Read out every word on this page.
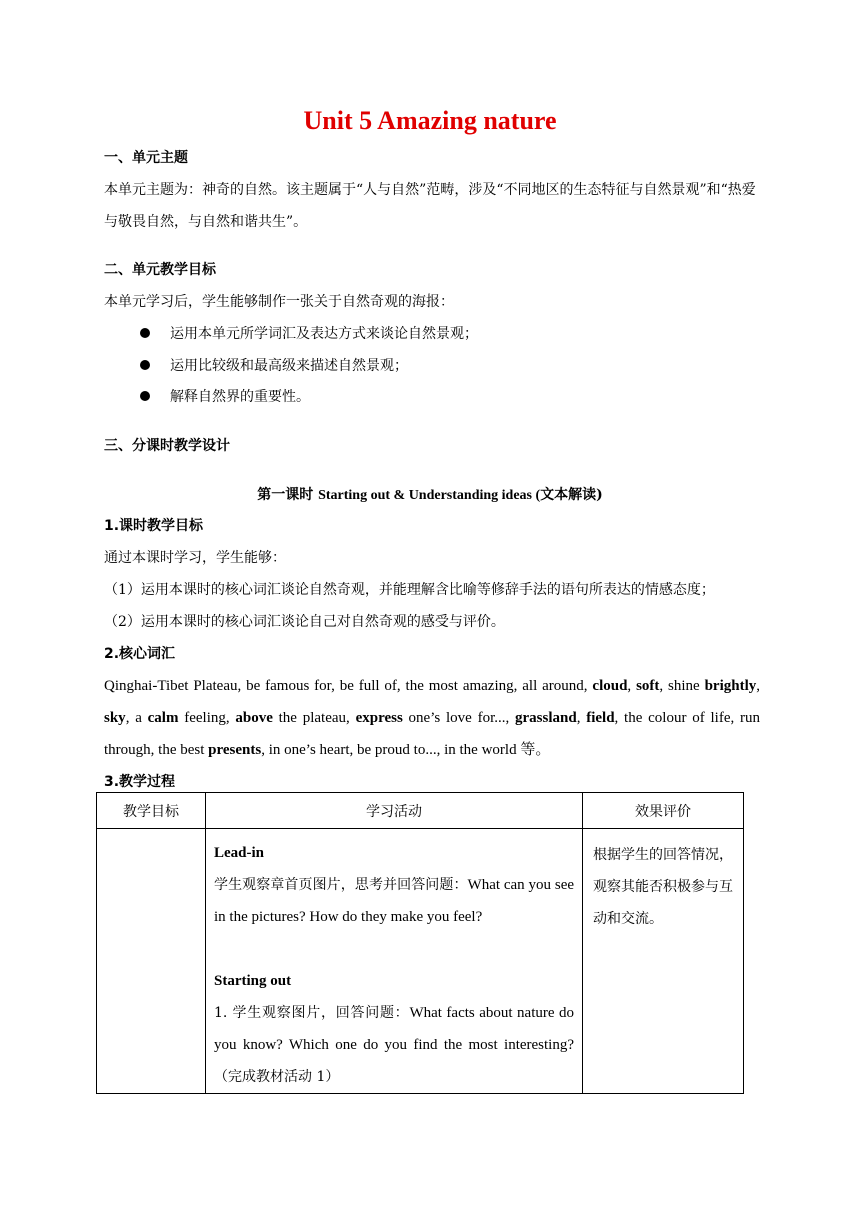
Unit 5 Amazing nature
一、单元主题
本单元主题为：神奇的自然。该主题属于“人与自然”范畴，涉及“不同地区的生态特征与自然景观”和“热爱与敬畏自然，与自然和谐共生”。
二、单元教学目标
本单元学习后，学生能够制作一张关于自然奇观的海报：
运用本单元所学词汇及表达方式来谈论自然景观；
运用比较级和最高级来描述自然景观；
解释自然界的重要性。
三、分课时教学设计
第一课时 Starting out & Understanding ideas (文本解读)
1.课时教学目标
通过本课时学习，学生能够：
（1）运用本课时的核心词汇谈论自然奇观，并能理解含比喻等修辞手法的语句所表达的情感态度；
（2）运用本课时的核心词汇谈论自己对自然奇观的感受与评价。
2.核心词汇
Qinghai-Tibet Plateau, be famous for, be full of, the most amazing, all around, cloud, soft, shine brightly, sky, a calm feeling, above the plateau, express one’s love for..., grassland, field, the colour of life, run through, the best presents, in one’s heart, be proud to..., in the world 等。
3.教学过程
教学目标	学习活动	效果评价

	Lead-in
学生观察章首页图片，思考并回答问题：What can you see in the pictures? How do they make you feel?
Starting out
1. 学生观察图片，回答问题：What facts about nature do you know? Which one do you find the most interesting?（完成教材活动 1）	根据学生的回答情况，观察其能否积极参与互动和交流。
